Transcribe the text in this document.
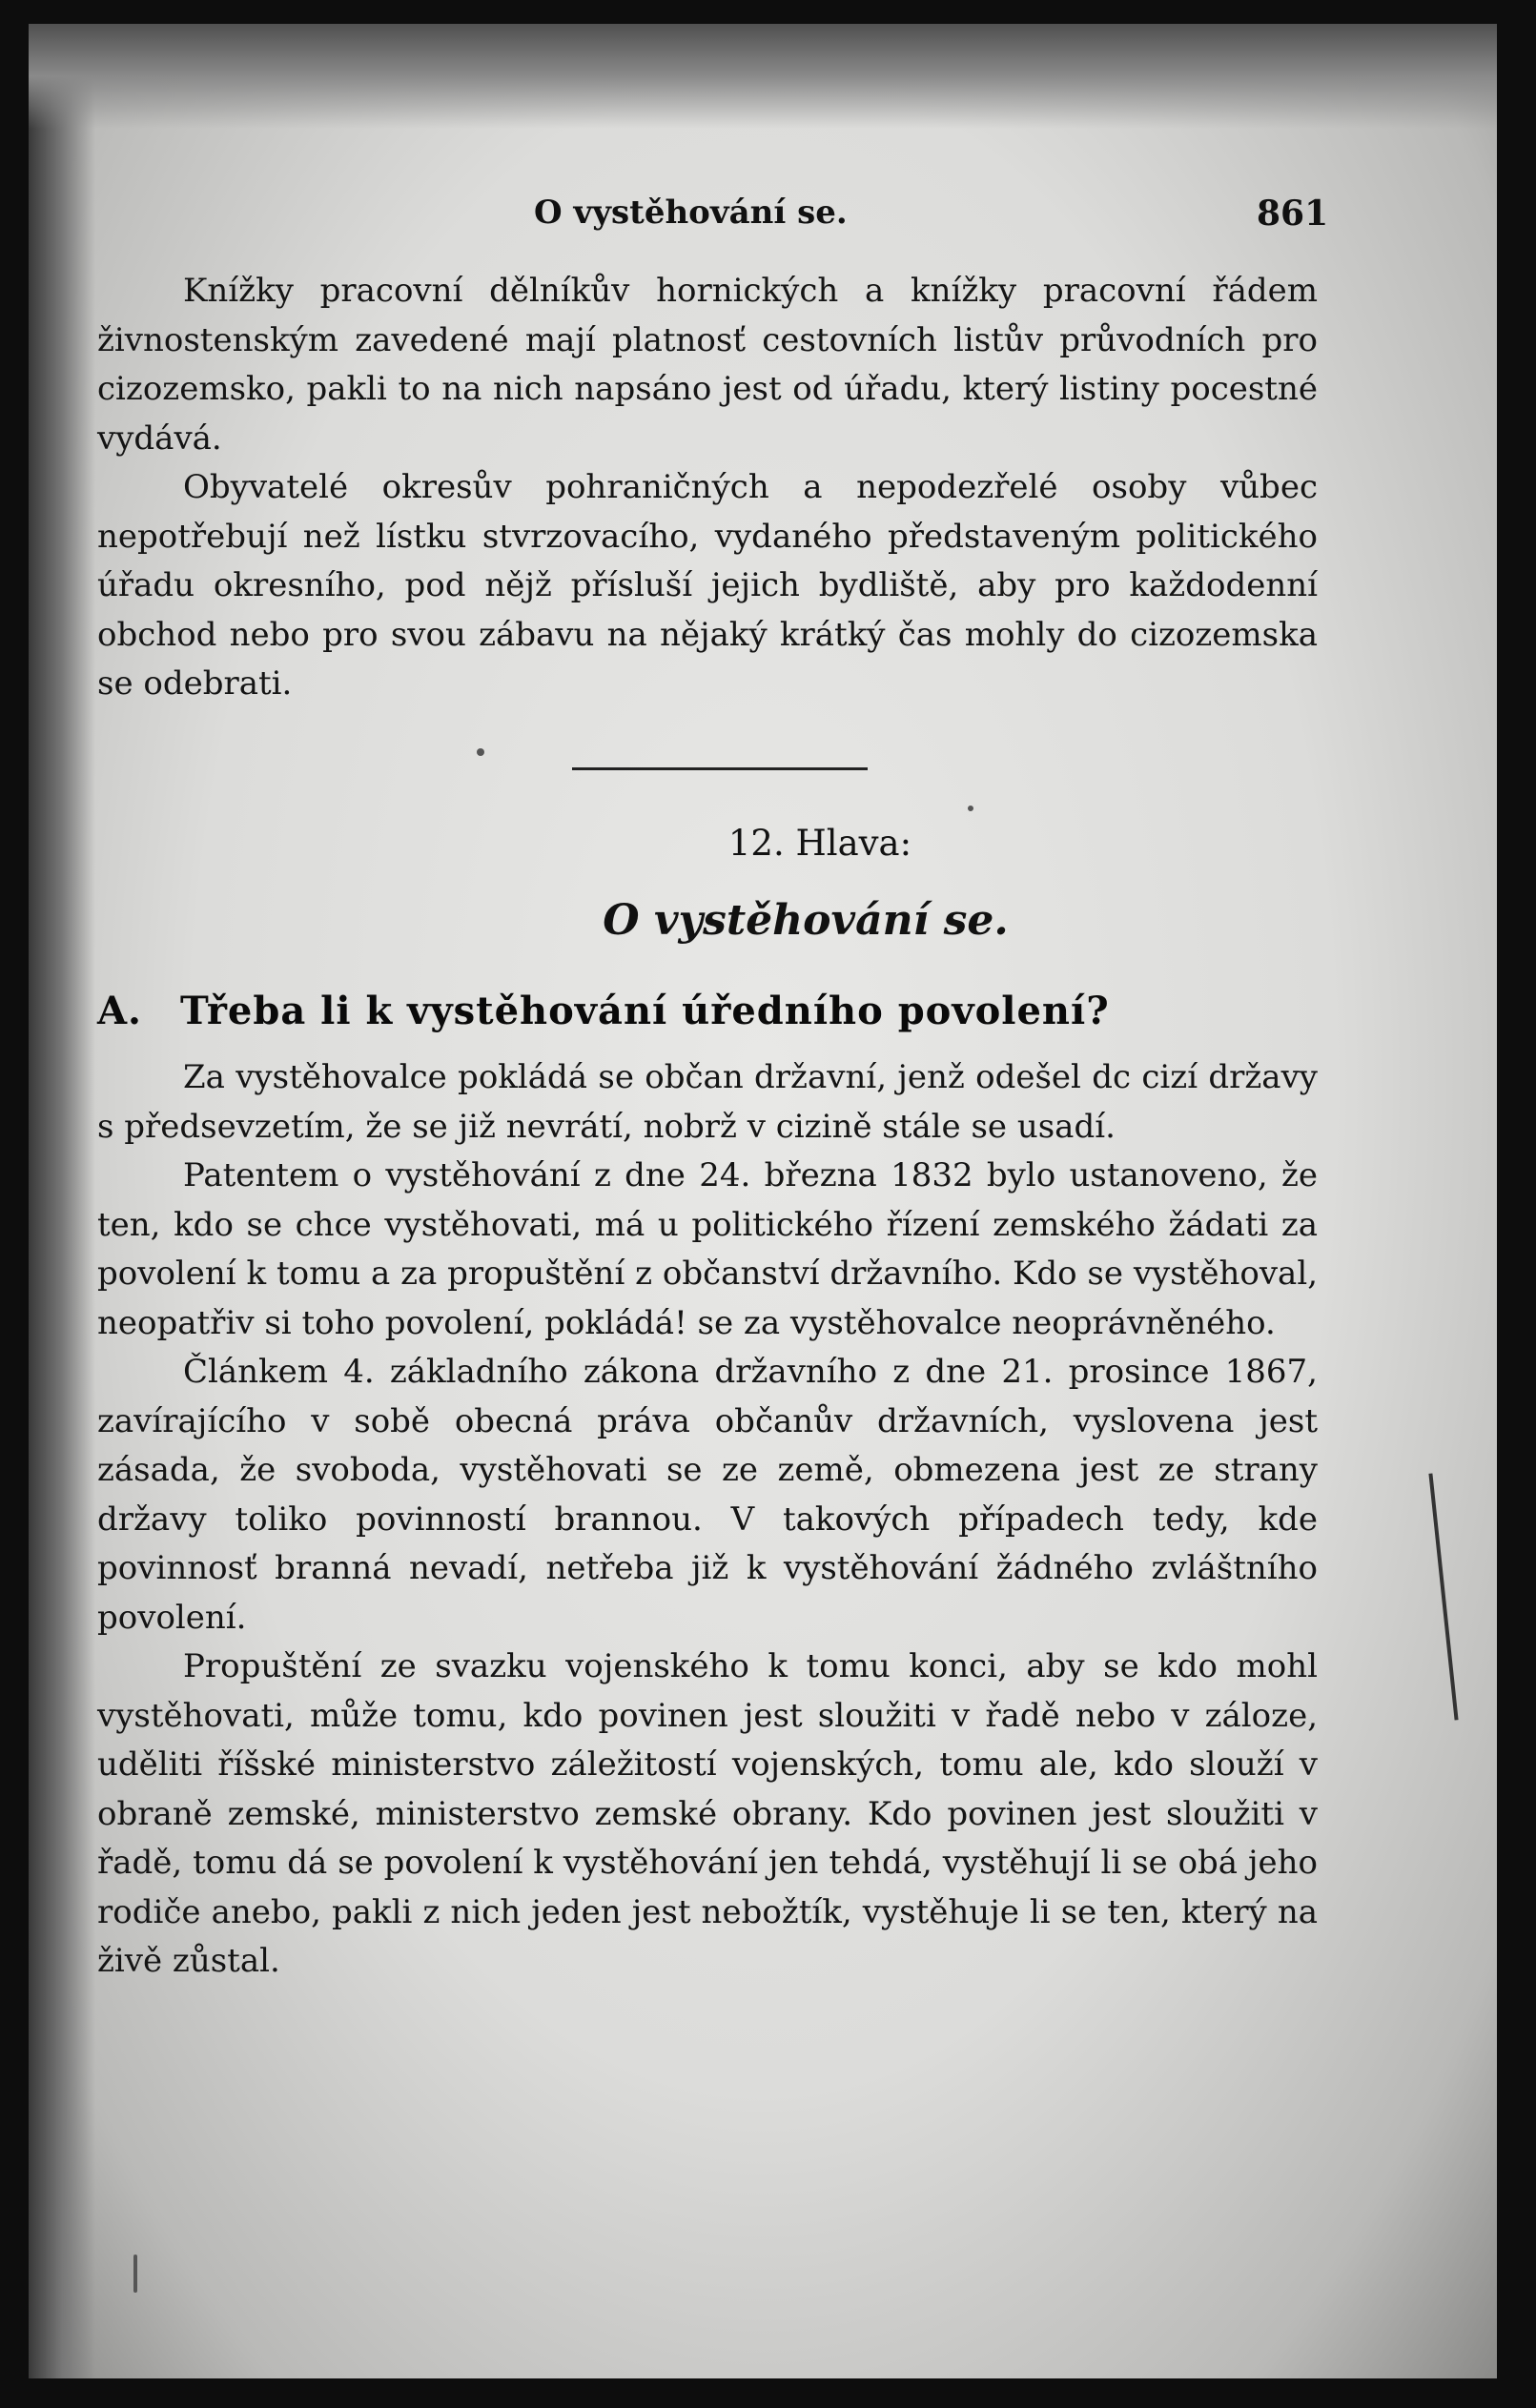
O vystěhování se.	861

Knížky pracovní dělníkův hornických a knížky pracovní řádem živnostenským zavedené mají platnosť cestovních listův průvodních pro cizozemsko, pakli to na nich napsáno jest od úřadu, který listiny pocestné vydává.

Obyvatelé okresův pohraničných a nepodezřelé osoby vůbec nepotřebují než lístku stvrzovacího, vydaného představeným politického úřadu okresního, pod nějž přísluší jejich bydliště, aby pro každodenní obchod nebo pro svou zábavu na nějaký krátký čas mohly do cizozemska se odebrati.

12. Hlava:
O vystěhování se.
A. Třeba li k vystěhování úředního povolení?

Za vystěhovalce pokládá se občan državní, jenž odešel dc cizí državy s předsevzetím, že se již nevrátí, nobrž v cizině stále se usadí.

Patentem o vystěhování z dne 24. března 1832 bylo ustanoveno, že ten, kdo se chce vystěhovati, má u politického řízení zemského žádati za povolení k tomu a za propuštění z občanství državního. Kdo se vystěhoval, neopatřiv si toho povolení, pokládá! se za vystěhovalce neoprávněného.

Článkem 4. základního zákona državního z dne 21. prosince 1867, zavírajícího v sobě obecná práva občanův državních, vyslovena jest zásada, že svoboda, vystěhovati se ze země, obmezena jest ze strany državy toliko povinností brannou. V takových případech tedy, kde povinnosť branná nevadí, netřeba již k vystěhování žádného zvláštního povolení.

Propuštění ze svazku vojenského k tomu konci, aby se kdo mohl vystěhovati, může tomu, kdo povinen jest sloužiti v řadě nebo v záloze, uděliti říšské ministerstvo záležitostí vojenských, tomu ale, kdo slouží v obraně zemské, ministerstvo zemské obrany. Kdo povinen jest sloužiti v řadě, tomu dá se povolení k vystěhování jen tehdá, vystěhují li se obá jeho rodiče anebo, pakli z nich jeden jest nebožtík, vystěhuje li se ten, který na živě zůstal.
